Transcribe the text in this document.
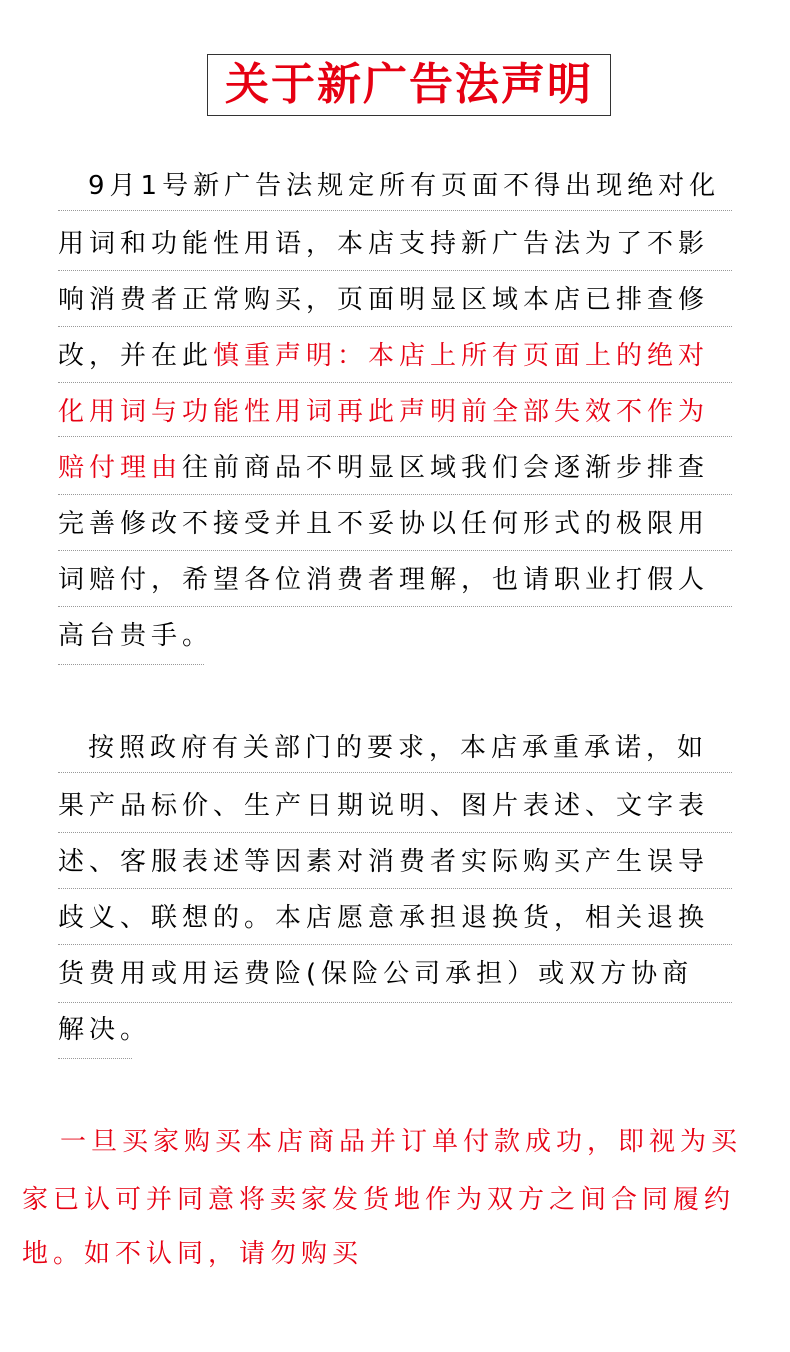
关于新广告法声明
9月1号新广告法规定所有页面不得出现绝对化
用词和功能性用语，本店支持新广告法为了不影
响消费者正常购买，页面明显区域本店已排查修
改，并在此慎重声明：本店上所有页面上的绝对
化用词与功能性用词再此声明前全部失效不作为
赔付理由往前商品不明显区域我们会逐渐步排查
完善修改不接受并且不妥协以任何形式的极限用
词赔付，希望各位消费者理解，也请职业打假人
高台贵手。
按照政府有关部门的要求，本店承重承诺，如
果产品标价、生产日期说明、图片表述、文字表
述、客服表述等因素对消费者实际购买产生误导
歧义、联想的。本店愿意承担退换货，相关退换
货费用或用运费险(保险公司承担）或双方协商
解决。
一旦买家购买本店商品并订单付款成功，即视为买
家已认可并同意将卖家发货地作为双方之间合同履约
地。如不认同，请勿购买
